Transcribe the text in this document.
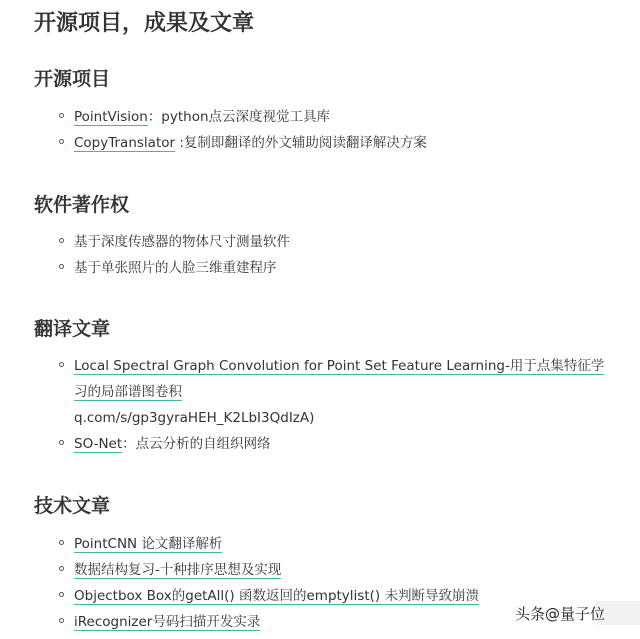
开源项目，成果及文章
开源项目
PointVision：python点云深度视觉工具库
CopyTranslator :复制即翻译的外文辅助阅读翻译解决方案
软件著作权
基于深度传感器的物体尺寸测量软件
基于单张照片的人脸三维重建程序
翻译文章
Local Spectral Graph Convolution for Point Set Feature Learning-用于点集特征学
习的局部谱图卷积
q.com/s/gp3gyraHEH_K2LbI3QdIzA)
SO-Net：点云分析的自组织网络
技术文章
PointCNN 论文翻译解析
数据结构复习-十种排序思想及实现
Objectbox Box的getAll() 函数返回的emptylist() 未判断导致崩溃
iRecognizer号码扫描开发实录	头条@量子位
